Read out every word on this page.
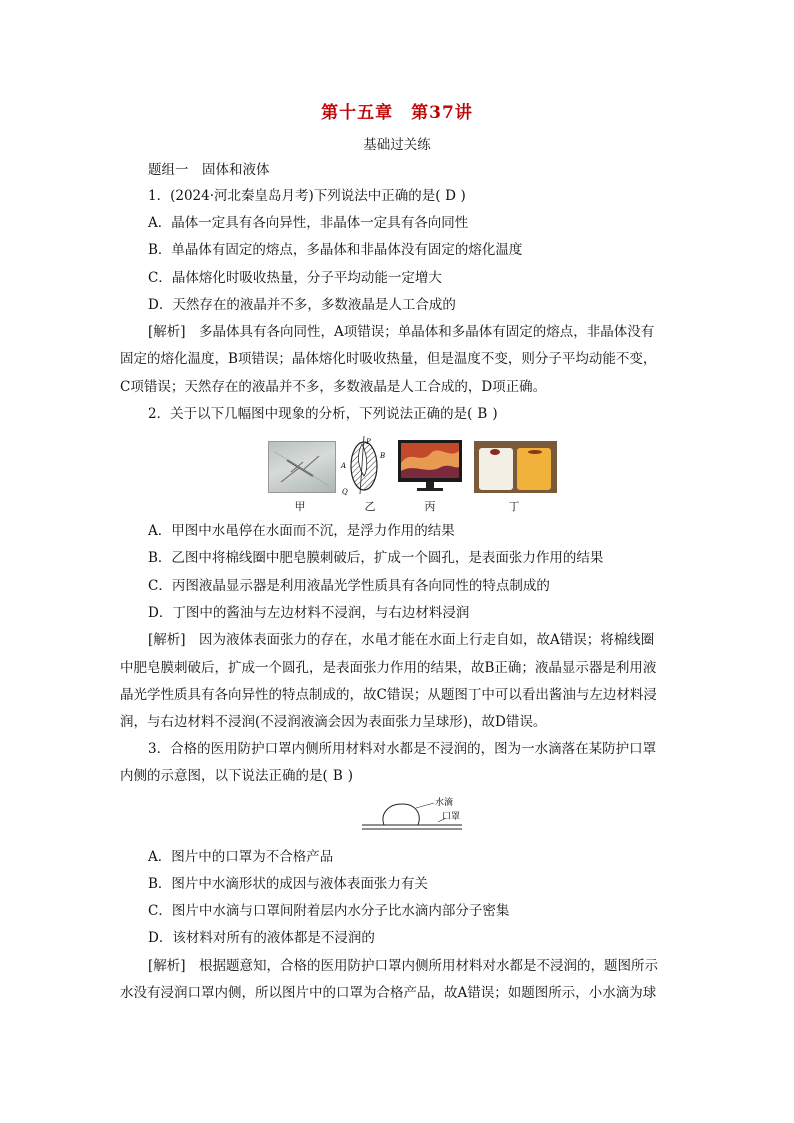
第十五章　第37讲
基础过关练
题组一　固体和液体
1．(2024·河北秦皇岛月考)下列说法中正确的是( D )
A．晶体一定具有各向异性，非晶体一定具有各向同性
B．单晶体有固定的熔点，多晶体和非晶体没有固定的熔化温度
C．晶体熔化时吸收热量，分子平均动能一定增大
D．天然存在的液晶并不多，多数液晶是人工合成的
[解析]　多晶体具有各向同性，A项错误；单晶体和多晶体有固定的熔点，非晶体没有
固定的熔化温度，B项错误；晶体熔化时吸收热量，但是温度不变，则分子平均动能不变，
C项错误；天然存在的液晶并不多，多数液晶是人工合成的，D项正确。
2．关于以下几幅图中现象的分析，下列说法正确的是( B )
甲
P
A
B
Q
乙	丙	丁
A．甲图中水黾停在水面而不沉，是浮力作用的结果
B．乙图中将棉线圈中肥皂膜刺破后，扩成一个圆孔，是表面张力作用的结果
C．丙图液晶显示器是利用液晶光学性质具有各向同性的特点制成的
D．丁图中的酱油与左边材料不浸润，与右边材料浸润
[解析]　因为液体表面张力的存在，水黾才能在水面上行走自如，故A错误；将棉线圈
中肥皂膜刺破后，扩成一个圆孔，是表面张力作用的结果，故B正确；液晶显示器是利用液
晶光学性质具有各向异性的特点制成的，故C错误；从题图丁中可以看出酱油与左边材料浸
润，与右边材料不浸润(不浸润液滴会因为表面张力呈球形)，故D错误。
3．合格的医用防护口罩内侧所用材料对水都是不浸润的，图为一水滴落在某防护口罩
内侧的示意图，以下说法正确的是( B )
水滴
口罩
A．图片中的口罩为不合格产品
B．图片中水滴形状的成因与液体表面张力有关
C．图片中水滴与口罩间附着层内水分子比水滴内部分子密集
D．该材料对所有的液体都是不浸润的
[解析]　根据题意知，合格的医用防护口罩内侧所用材料对水都是不浸润的，题图所示
水没有浸润口罩内侧，所以图片中的口罩为合格产品，故A错误；如题图所示，小水滴为球
